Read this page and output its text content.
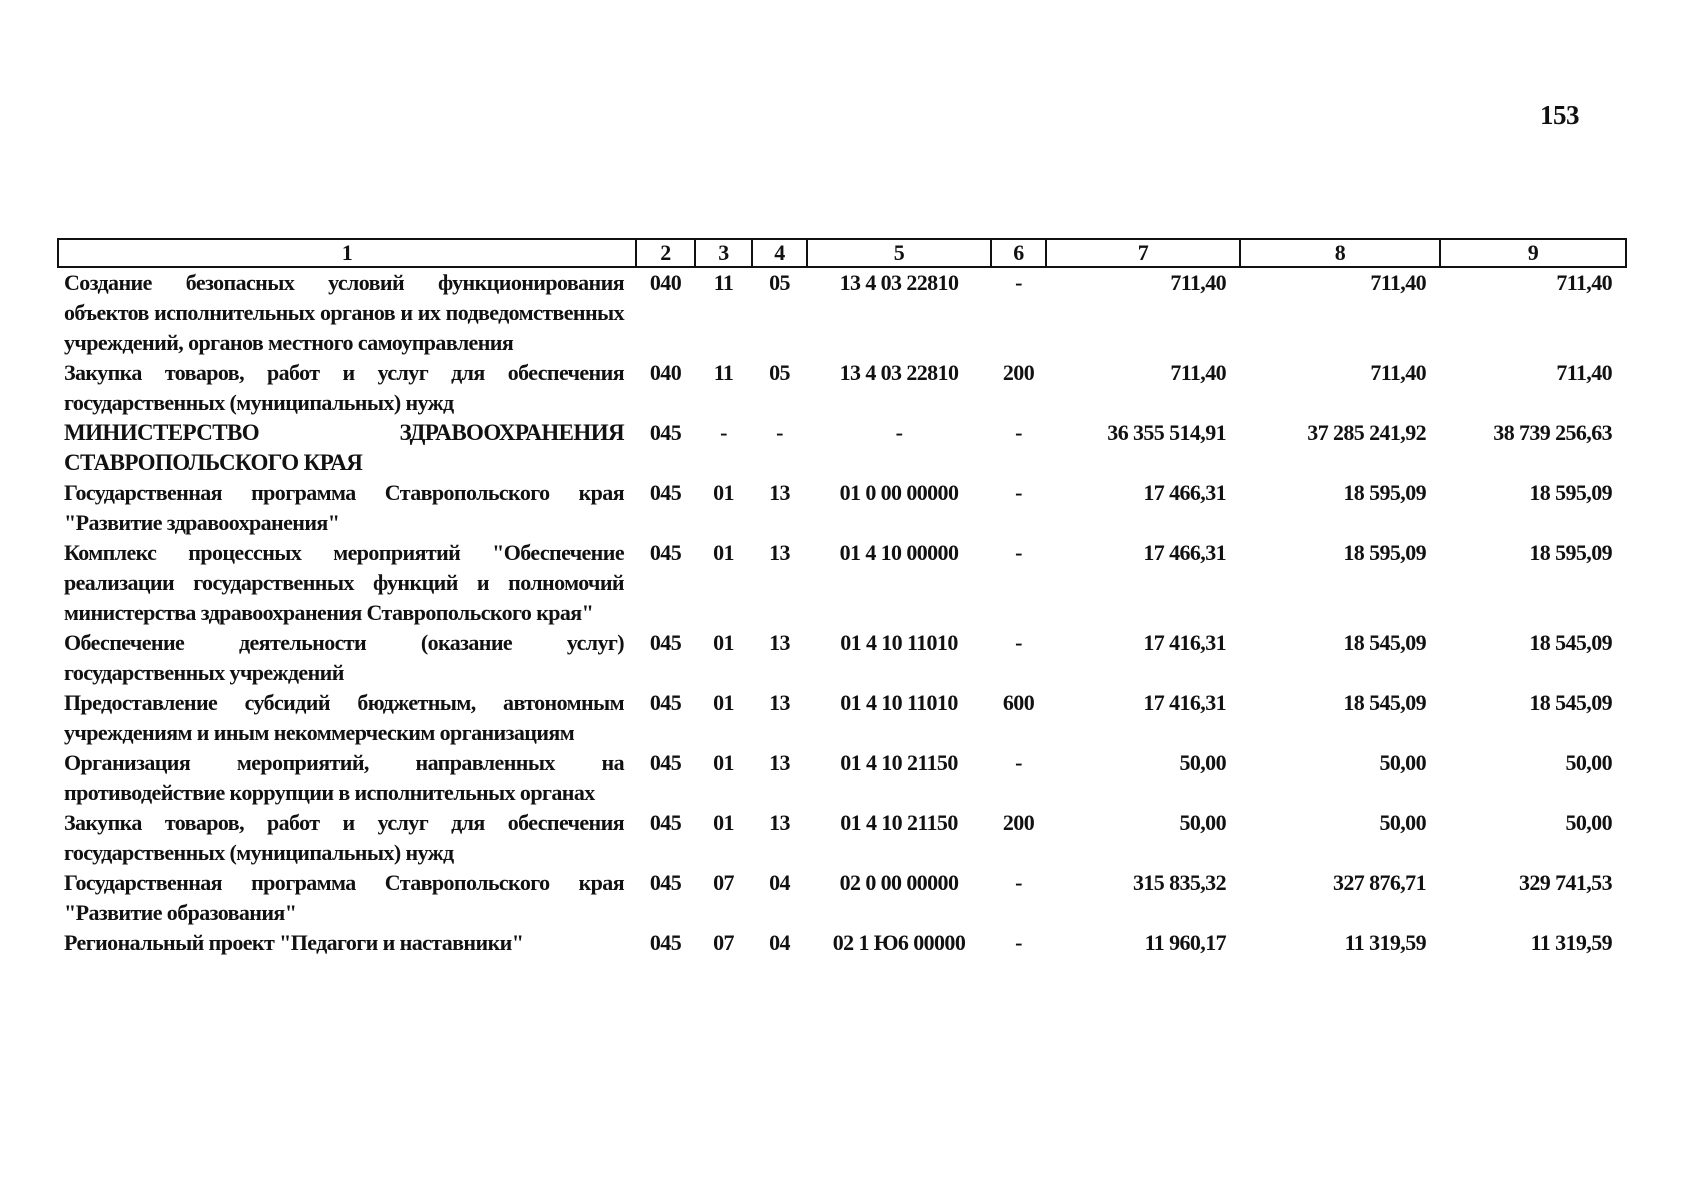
153
1	2	3	4	5	6	7	8	9
Создание безопасных условий функционирования объектов исполнительных органов и их подведомственных учреждений, органов местного самоуправления	040	11	05	13 4 03 22810	-	711,40	711,40	711,40
Закупка товаров, работ и услуг для обеспечения государственных (муниципальных) нужд	040	11	05	13 4 03 22810	200	711,40	711,40	711,40
МИНИСТЕРСТВО ЗДРАВООХРАНЕНИЯ СТАВРОПОЛЬСКОГО КРАЯ	045	-	-	-	-	36 355 514,91	37 285 241,92	38 739 256,63
Государственная программа Ставропольского края "Развитие здравоохранения"	045	01	13	01 0 00 00000	-	17 466,31	18 595,09	18 595,09
Комплекс процессных мероприятий "Обеспечение реализации государственных функций и полномочий министерства здравоохранения Ставропольского края"	045	01	13	01 4 10 00000	-	17 466,31	18 595,09	18 595,09
Обеспечение деятельности (оказание услуг) государственных учреждений	045	01	13	01 4 10 11010	-	17 416,31	18 545,09	18 545,09
Предоставление субсидий бюджетным, автономным учреждениям и иным некоммерческим организациям	045	01	13	01 4 10 11010	600	17 416,31	18 545,09	18 545,09
Организация мероприятий, направленных на противодействие коррупции в исполнительных органах	045	01	13	01 4 10 21150	-	50,00	50,00	50,00
Закупка товаров, работ и услуг для обеспечения государственных (муниципальных) нужд	045	01	13	01 4 10 21150	200	50,00	50,00	50,00
Государственная программа Ставропольского края "Развитие образования"	045	07	04	02 0 00 00000	-	315 835,32	327 876,71	329 741,53
Региональный проект "Педагоги и наставники"	045	07	04	02 1 Ю6 00000	-	11 960,17	11 319,59	11 319,59
